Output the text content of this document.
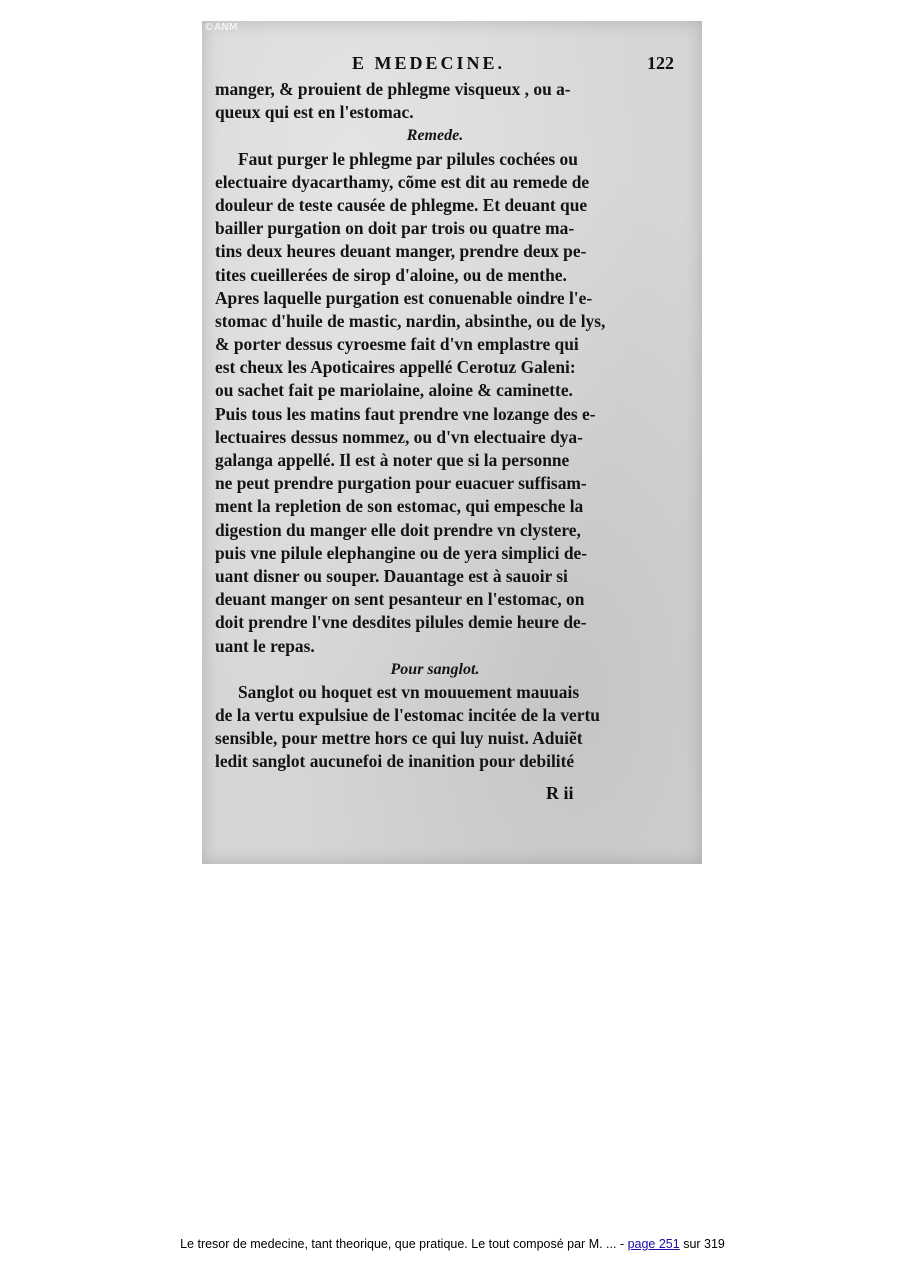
©ANM
E MEDECINE.	122
manger, & prouient de phlegme visqueux , ou a-
queux qui est en l'estomac.
Remede.
Faut purger le phlegme par pilules cochées ou
electuaire dyacarthamy, cõme est dit au remede de
douleur de teste causée de phlegme. Et deuant que
bailler purgation on doit par trois ou quatre ma-
tins deux heures deuant manger, prendre deux pe-
tites cueillerées de sirop d'aloine, ou de menthe.
Apres laquelle purgation est conuenable oindre l'e-
stomac d'huile de mastic, nardin, absinthe, ou de lys,
& porter dessus cyroesme fait d'vn emplastre qui
est cheux les Apoticaires appellé Cerotuz Galeni:
ou sachet fait pe mariolaine, aloine & caminette.
Puis tous les matins faut prendre vne lozange des e-
lectuaires dessus nommez, ou d'vn electuaire dya-
galanga appellé. Il est à noter que si la personne
ne peut prendre purgation pour euacuer suffisam-
ment la repletion de son estomac, qui empesche la
digestion du manger elle doit prendre vn clystere,
puis vne pilule elephangine ou de yera simplici de-
uant disner ou souper. Dauantage est à sauoir si
deuant manger on sent pesanteur en l'estomac, on
doit prendre l'vne desdites pilules demie heure de-
uant le repas.
Pour sanglot.
Sanglot ou hoquet est vn mouuement mauuais
de la vertu expulsiue de l'estomac incitée de la vertu
sensible, pour mettre hors ce qui luy nuist. Aduiẽt
ledit sanglot aucunefoi de inanition pour debilité
R ii
Le tresor de medecine, tant theorique, que pratique. Le tout composé par M. ... - page 251 sur 319
